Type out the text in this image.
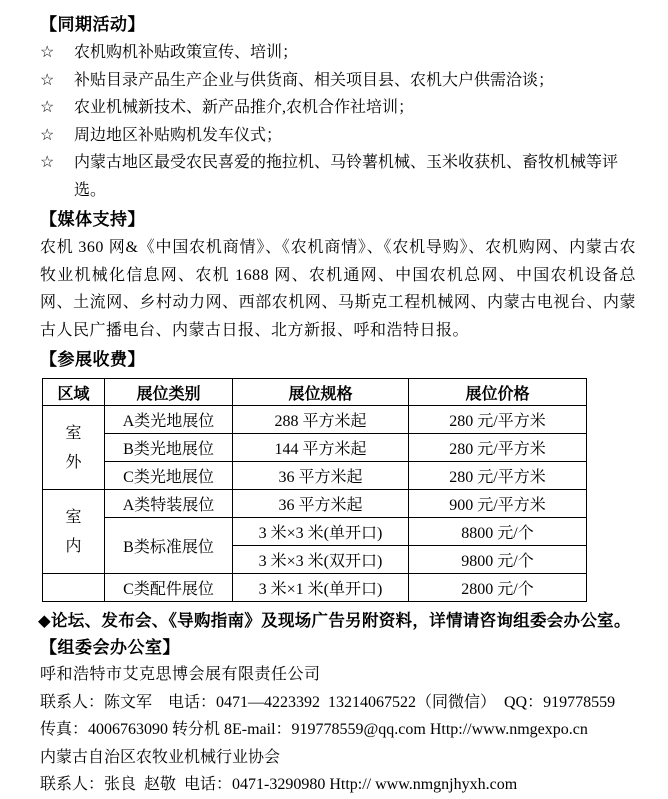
【同期活动】
☆	农机购机补贴政策宣传、培训；
☆	补贴目录产品生产企业与供货商、相关项目县、农机大户供需洽谈；
☆	农业机械新技术、新产品推介,农机合作社培训；
☆	周边地区补贴购机发车仪式；
☆	内蒙古地区最受农民喜爱的拖拉机、马铃薯机械、玉米收获机、畜牧机械等评选。
【媒体支持】

农机 360 网&《中国农机商情》、《农机商情》、《农机导购》、农机购网、内蒙古农牧业机械化信息网、农机 1688 网、农机通网、中国农机总网、中国农机设备总网、土流网、乡村动力网、西部农机网、马斯克工程机械网、内蒙古电视台、内蒙古人民广播电台、内蒙古日报、北方新报、呼和浩特日报。

【参展收费】
区域	展位类别	展位规格	展位价格
室外	A类光地展位	288 平方米起	280 元/平方米
	B类光地展位	144 平方米起	280 元/平方米
	C类光地展位	36 平方米起	280 元/平方米
室内	A类特装展位	36 平方米起	900 元/平方米
	B类标准展位	3 米×3 米(单开口)	8800 元/个
		3 米×3 米(双开口)	9800 元/个
	C类配件展位	3 米×1 米(单开口)	2800 元/个

◆论坛、发布会、《导购指南》及现场广告另附资料，详情请咨询组委会办公室。

【组委会办公室】

呼和浩特市艾克思博会展有限责任公司

联系人：陈文军    电话：0471—4223392  13214067522（同微信）  QQ：919778559

传真：4006763090 转分机 8E-mail：919778559@qq.com Http://www.nmgexpo.cn

内蒙古自治区农牧业机械行业协会

联系人：张良  赵敬  电话：0471-3290980 Http:// www.nmgnjhyxh.com
